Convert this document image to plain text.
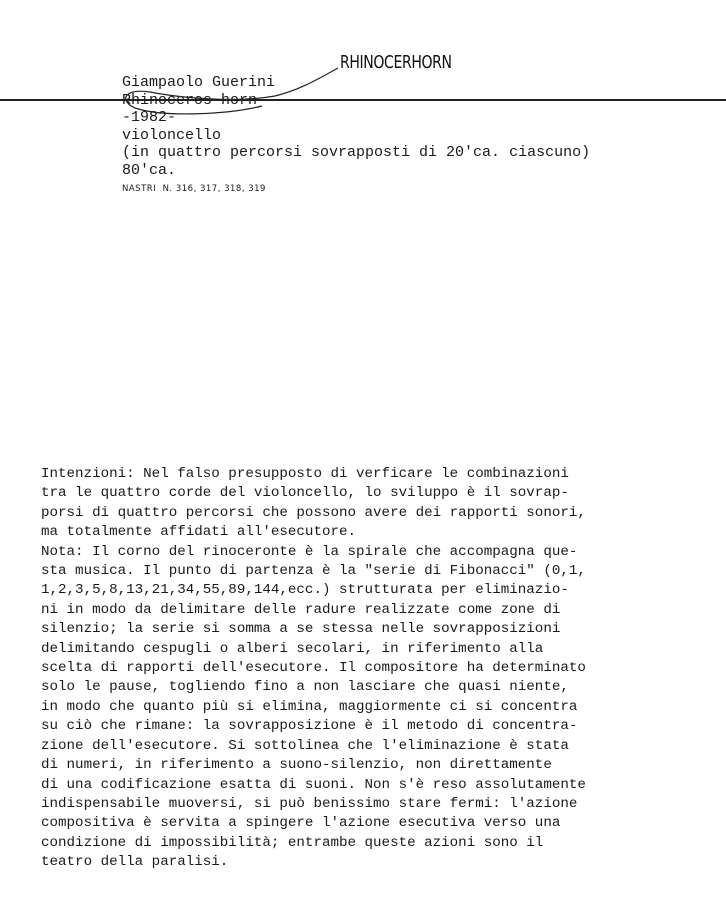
RHINOCERHORN
Giampaolo Guerini
Rhinoceros horn
-1982-
violoncello
(in quattro percorsi sovrapposti di 20'ca. ciascuno)
80'ca.
NASTRI  N. 316, 317, 318, 319
Intenzioni: Nel falso presupposto di verficare le combinazioni
tra le quattro corde del violoncello, lo sviluppo è il sovrap-
porsi di quattro percorsi che possono avere dei rapporti sonori,
ma totalmente affidati all'esecutore.
Nota: Il corno del rinoceronte è la spirale che accompagna que-
sta musica. Il punto di partenza è la "serie di Fibonacci" (0,1,
1,2,3,5,8,13,21,34,55,89,144,ecc.) strutturata per eliminazio-
ni in modo da delimitare delle radure realizzate come zone di
silenzio; la serie si somma a se stessa nelle sovrapposizioni
delimitando cespugli o alberi secolari, in riferimento alla
scelta di rapporti dell'esecutore. Il compositore ha determinato
solo le pause, togliendo fino a non lasciare che quasi niente,
in modo che quanto più si elimina, maggiormente ci si concentra
su ciò che rimane: la sovrapposizione è il metodo di concentra-
zione dell'esecutore. Si sottolinea che l'eliminazione è stata
di numeri, in riferimento a suono-silenzio, non direttamente
di una codificazione esatta di suoni. Non s'è reso assolutamente
indispensabile muoversi, si può benissimo stare fermi: l'azione
compositiva è servita a spingere l'azione esecutiva verso una
condizione di impossibilità; entrambe queste azioni sono il
teatro della paralisi.
